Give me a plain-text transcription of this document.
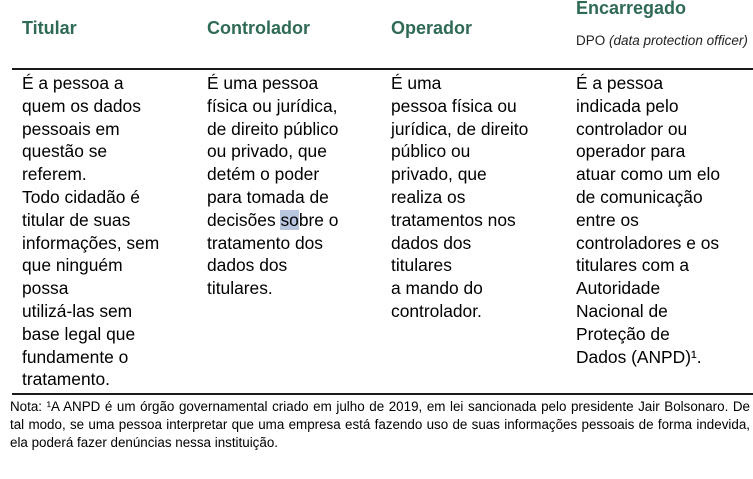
Titular	Controlador	Operador
Encarregado
DPO (data protection officer)
É a pessoa a
quem os dados
pessoais em
questão se
referem.
Todo cidadão é
titular de suas
informações, sem
que ninguém
possa
utilizá-las sem
base legal que
fundamente o
tratamento.
É uma pessoa
física ou jurídica,
de direito público
ou privado, que
detém o poder
para tomada de
decisões sobre o
tratamento dos
dados dos
titulares.
É uma
pessoa física ou
jurídica, de direito
público ou
privado, que
realiza os
tratamentos nos
dados dos
titulares
a mando do
controlador.
É a pessoa
indicada pelo
controlador ou
operador para
atuar como um elo
de comunicação
entre os
controladores e os
titulares com a
Autoridade
Nacional de
Proteção de
Dados (ANPD)¹.
Nota: ¹A ANPD é um órgão governamental criado em julho de 2019, em lei sancionada pelo presidente Jair Bolsonaro. De tal modo, se uma pessoa interpretar que uma empresa está fazendo uso de suas informações pessoais de forma indevida, ela poderá fazer denúncias nessa instituição.
